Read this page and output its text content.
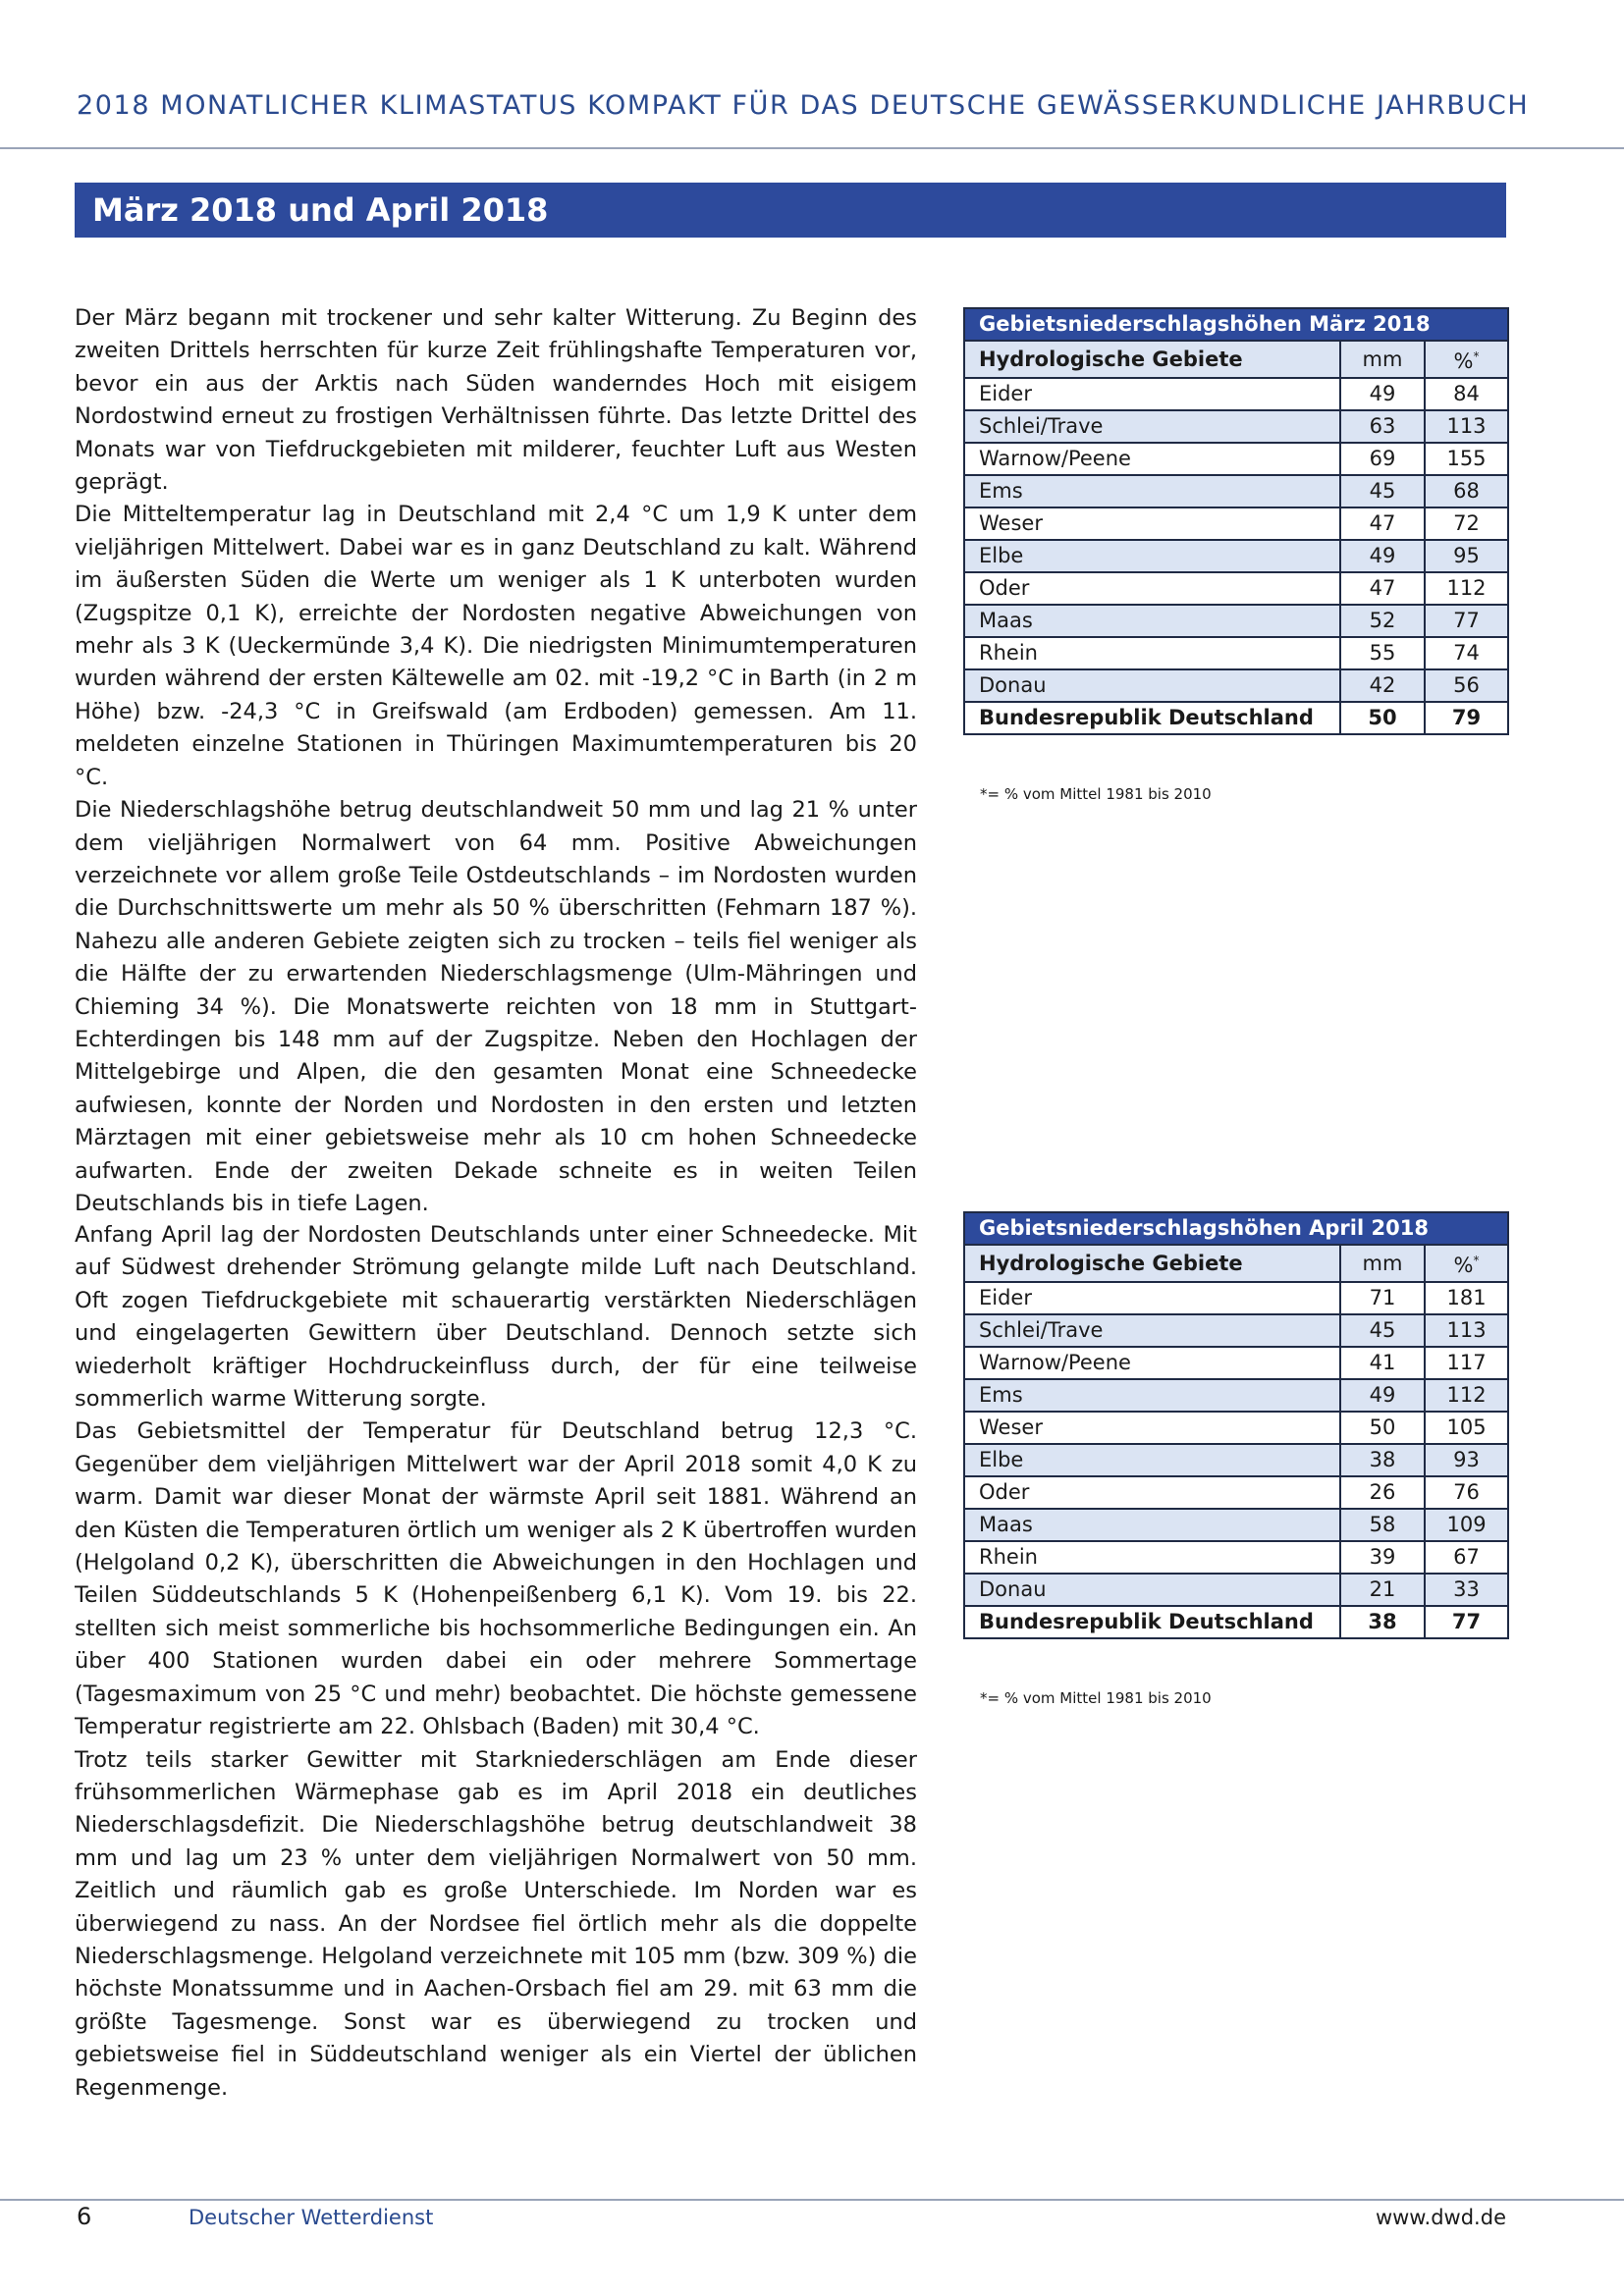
2018 MONATLICHER KLIMASTATUS KOMPAKT FÜR DAS DEUTSCHE GEWÄSSERKUNDLICHE JAHRBUCH
März 2018 und April 2018

Der März begann mit trockener und sehr kalter Witterung. Zu Beginn des zweiten Drittels herrschten für kurze Zeit frühlingshafte Temperaturen vor, bevor ein aus der Arktis nach Süden wanderndes Hoch mit eisigem Nordostwind erneut zu frostigen Verhältnissen führte. Das letzte Drittel des Monats war von Tiefdruckgebieten mit milderer, feuchter Luft aus Westen geprägt.

Die Mitteltemperatur lag in Deutschland mit 2,4 °C um 1,9 K unter dem vieljährigen Mittelwert. Dabei war es in ganz Deutschland zu kalt. Während im äußersten Süden die Werte um weniger als 1 K unterboten wurden (Zugspitze 0,1 K), erreichte der Nordosten negative Abweichungen von mehr als 3 K (Ueckermünde 3,4 K). Die niedrigsten Minimumtemperaturen wurden während der ersten Kältewelle am 02. mit -19,2 °C in Barth (in 2 m Höhe) bzw. -24,3 °C in Greifswald (am Erdboden) gemessen. Am 11. meldeten einzelne Stationen in Thüringen Maximumtemperaturen bis 20 °C.

Die Niederschlagshöhe betrug deutschlandweit 50 mm und lag 21 % unter dem vieljährigen Normalwert von 64 mm. Positive Abweichungen verzeichnete vor allem große Teile Ostdeutschlands – im Nordosten wurden die Durchschnittswerte um mehr als 50 % überschritten (Fehmarn 187 %). Nahezu alle anderen Gebiete zeigten sich zu trocken – teils fiel weniger als die Hälfte der zu erwartenden Niederschlagsmenge (Ulm-Mähringen und Chieming 34 %). Die Monatswerte reichten von 18 mm in Stuttgart-Echterdingen bis 148 mm auf der Zugspitze. Neben den Hochlagen der Mittelgebirge und Alpen, die den gesamten Monat eine Schneedecke aufwiesen, konnte der Norden und Nordosten in den ersten und letzten Märztagen mit einer gebietsweise mehr als 10 cm hohen Schneedecke aufwarten. Ende der zweiten Dekade schneite es in weiten Teilen Deutschlands bis in tiefe Lagen.

Gebietsniederschlagshöhen März 2018		
Hydrologische Gebiete	mm	%*
Eider	49	84
Schlei/Trave	63	113
Warnow/Peene	69	155
Ems	45	68
Weser	47	72
Elbe	49	95
Oder	47	112
Maas	52	77
Rhein	55	74
Donau	42	56
Bundesrepublik Deutschland	50	79
*= % vom Mittel 1981 bis 2010

Anfang April lag der Nordosten Deutschlands unter einer Schneedecke. Mit auf Südwest drehender Strömung gelangte milde Luft nach Deutschland. Oft zogen Tiefdruckgebiete mit schauerartig verstärkten Niederschlägen und eingelagerten Gewittern über Deutschland. Dennoch setzte sich wiederholt kräftiger Hochdruckeinfluss durch, der für eine teilweise sommerlich warme Witterung sorgte.

Das Gebietsmittel der Temperatur für Deutschland betrug 12,3 °C. Gegenüber dem vieljährigen Mittelwert war der April 2018 somit 4,0 K zu warm. Damit war dieser Monat der wärmste April seit 1881. Während an den Küsten die Temperaturen örtlich um weniger als 2 K übertroffen wurden (Helgoland 0,2 K), überschritten die Abweichungen in den Hochlagen und Teilen Süddeutschlands 5 K (Hohenpeißenberg 6,1 K). Vom 19. bis 22. stellten sich meist sommerliche bis hochsommerliche Bedingungen ein. An über 400 Stationen wurden dabei ein oder mehrere Sommertage (Tagesmaximum von 25 °C und mehr) beobachtet. Die höchste gemessene Temperatur registrierte am 22. Ohlsbach (Baden) mit 30,4 °C.

Trotz teils starker Gewitter mit Starkniederschlägen am Ende dieser frühsommerlichen Wärmephase gab es im April 2018 ein deutliches Niederschlagsdefizit. Die Niederschlagshöhe betrug deutschlandweit 38 mm und lag um 23 % unter dem vieljährigen Normalwert von 50 mm. Zeitlich und räumlich gab es große Unterschiede. Im Norden war es überwiegend zu nass. An der Nordsee fiel örtlich mehr als die doppelte Niederschlagsmenge. Helgoland verzeichnete mit 105 mm (bzw. 309 %) die höchste Monatssumme und in Aachen-Orsbach fiel am 29. mit 63 mm die größte Tagesmenge. Sonst war es überwiegend zu trocken und gebietsweise fiel in Süddeutschland weniger als ein Viertel der üblichen Regenmenge.

Gebietsniederschlagshöhen April 2018		
Hydrologische Gebiete	mm	%*
Eider	71	181
Schlei/Trave	45	113
Warnow/Peene	41	117
Ems	49	112
Weser	50	105
Elbe	38	93
Oder	26	76
Maas	58	109
Rhein	39	67
Donau	21	33
Bundesrepublik Deutschland	38	77
*= % vom Mittel 1981 bis 2010
6	Deutscher Wetterdienst	www.dwd.de
